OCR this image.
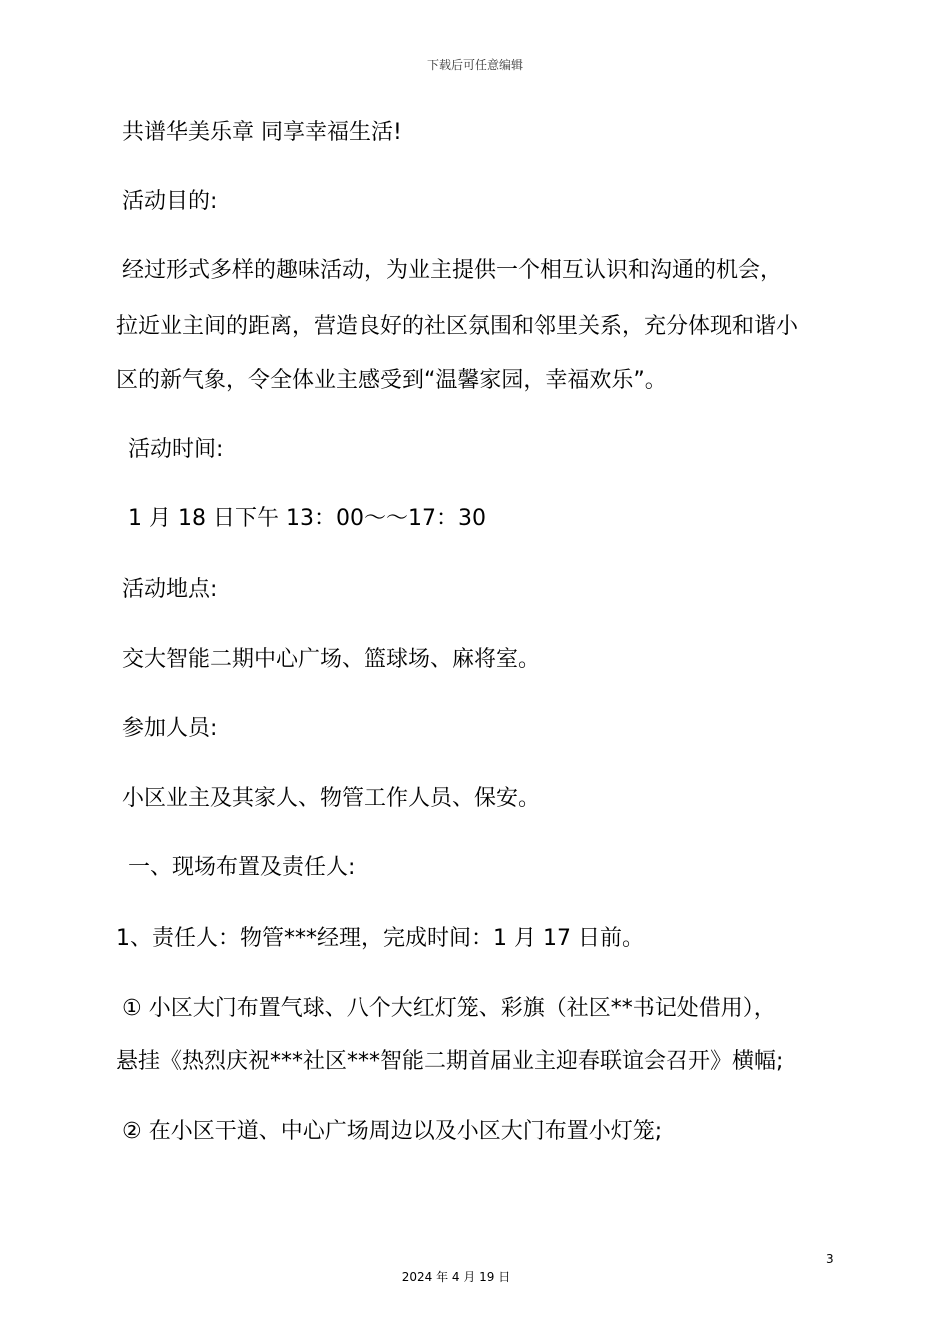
下载后可任意编辑
共谱华美乐章 同享幸福生活!
活动目的:
经过形式多样的趣味活动，为业主提供一个相互认识和沟通的机会，
拉近业主间的距离，营造良好的社区氛围和邻里关系，充分体现和谐小
区的新气象，令全体业主感受到“温馨家园，幸福欢乐”。
活动时间:
1 月 18 日下午 13：00～～17：30
活动地点:
交大智能二期中心广场、篮球场、麻将室。
参加人员:
小区业主及其家人、物管工作人员、保安。
一、现场布置及责任人:
1、责任人：物管***经理，完成时间：1 月 17 日前。
① 小区大门布置气球、八个大红灯笼、彩旗（社区**书记处借用），
悬挂《热烈庆祝***社区***智能二期首届业主迎春联谊会召开》横幅;
② 在小区干道、中心广场周边以及小区大门布置小灯笼;
3
2024 年 4 月 19 日
